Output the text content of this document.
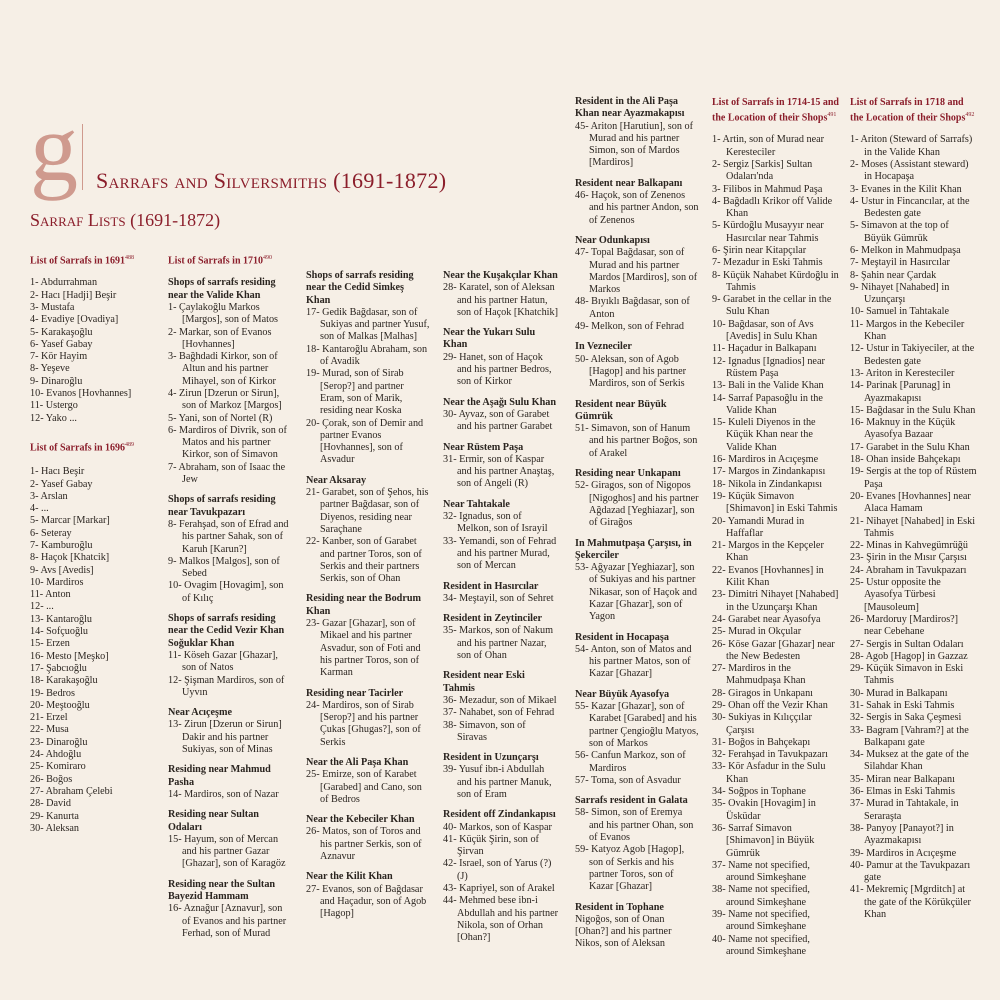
g Sarrafs and Silversmiths (1691-1872)
Sarraf Lists (1691-1872)
List of Sarrafs in 1691$^{488}$
1- Abdurrahman
2- Hacı [Hadji] Beşir
3- Mustafa
4- Evadiye [Ovadiya]
5- Karakaşoğlu
6- Yasef Gabay
7- Kör Hayim
8- Yeşeve
9- Dinaroğlu
10- Evanos [Hovhannes]
11- Ustergo
12- Yako ...
List of Sarrafs in 1696$^{489}$
1- Hacı Beşir
2- Yasef Gabay
3- Arslan
4- ...
5- Marcar [Markar]
6- Seteray
7- Kamburoğlu
8- Haçok [Khatcik]
9- Avs [Avedis]
10- Mardiros
11- Anton
12- ...
13- Kantaroğlu
14- Sofçuoğlu
15- Erzen
16- Mesto [Meşko]
17- Şabcıoğlu
18- Karakaşoğlu
19- Bedros
20- Meştooğlu
21- Erzel
22- Musa
23- Dinaroğlu
24- Ahdoğlu
25- Komiraro
26- Boğos
27- Abraham Çelebi
28- David
29- Kanurta
30- Aleksan
List of Sarrafs in 1710$^{490}$
Shops of sarrafs residing near the Valide Khan
1- Çayl‌akoğlu Markos [Margos], son of Matos
2- Markar, son of Evanos [Hovhannes]
3- Bağhdadi Kirkor, son of Altun and his partner Mihayel, son of Kirkor
4- Zirun [Dzerun or Sirun], son of Markoz [Margos]
5- Yani, son of Nortel (R)
6- Mardiros of Divrik, son of Matos and his partner Kirkor, son of Simavon
7- Abraham, son of Isaac the Jew
Shops of sarrafs residing near Tavukpazarı
8- Ferahşad, son of Efrad and his partner Sahak, son of Karuh [Karun?]
9- Malkos [Malgos], son of Sebed
10- Ovagim [Hovagim], son of Kılıç
Shops of sarrafs residing near the Cedid Vezir Khan Soğuklar Khan
11- Köseh Gazar [Ghazar], son of Natos
12- Şişman Mardiros, son of Uyvın
Near Acıçeşme
13- Zirun [Dzerun or Sirun] Dakir and his partner Sukiyas, son of Minas
Residing near Mahmud Pasha
14- Mardiros, son of Nazar
Residing near Sultan Odaları
15- Hayum, son of Mercan and his partner Gazar [Ghazar], son of Karagöz
Residing near the Sultan Bayezid Hammam
16- Aznağur [Aznavur], son of Evanos and his partner Ferhad, son of Murad
Shops of sarrafs residing near the Cedid Simkeş Khan
17- Gedik Bağdasar, son of Sukiyas and partner Yusuf, son of Malkas [Malhas]
18- Kantaroğlu Abraham, son of Avadik
19- Murad, son of Sirab [Serop?] and partner Eram, son of Marik, residing near Koska
20- Çorak, son of Demir and partner Evanos [Hovhannes], son of Asvadur
Near Aksaray
21- Garabet, son of Şehos, his partner Bağdasar, son of Diyenos, residing near Saraçhane
22- Kanber, son of Garabet and partner Toros, son of Serkis and their partners Serkis, son of Ohan
Residing near the Bodrum Khan
23- Gazar [Ghazar], son of Mikael and his partner Asvadur, son of Foti and his partner Toros, son of Karman
Residing near Tacirler
24- Mardiros, son of Sirab [Serop?] and his partner Çukas [Ghugas?], son of Serkis
Near the Ali Paşa Khan
25- Emirze, son of Karabet [Garabed] and Cano, son of Bedros
Near the Kebeciler Khan
26- Matos, son of Toros and his partner Serkis, son of Aznavur
Near the Kilit Khan
27- Evanos, son of Bağdasar and Haçadur, son of Agob [Hagop]
Near the Kuşakçılar Khan
28- Karatel, son of Aleksan and his partner Hatun, son of Haçok [Khatchik]
Near the Yukarı Sulu Khan
29- Hanet, son of Haçok and his partner Bedros, son of Kirkor
Near the Aşağı Sulu Khan
30- Ayvaz, son of Garabet and his partner Garabet
Near Rüstem Paşa
31- Ermir, son of Kaspar and his partner Anaştaş, son of Angeli (R)
Near Tahtakale
32- Ignadus, son of Melkon, son of Israyil
33- Yemandi, son of Fehrad and his partner Murad, son of Mercan
Resident in Hasırcılar
34- Meştayil, son of Sehret
Resident in Zeytinciler
35- Markos, son of Nakum and his partner Nazar, son of Ohan
Resident near Eski Tahmis
36- Mezadur, son of Mikael
37- Nahabet, son of Fehrad
38- Simavon, son of Siravas
Resident in Uzunçarşı
39- Yusuf ibn-i Abdullah and his partner Manuk, son of Eram
Resident off Zindankapısı
40- Markos, son of Kaspar
41- Küçük Şirin, son of Şirvan
42- Israel, son of Yarus (?) (J)
43- Kapriyel, son of Arakel
44- Mehmed bese ibn-i Abdullah and his partner Nikola, son of Orhan [Ohan?]
Resident in the Ali Paşa Khan near Ayazmakapısı
45- Ariton [Harutiun], son of Murad and his partner Simon, son of Mardos [Mardiros]
Resident near Balkapanı
46- Haçok, son of Zenenos and his partner Andon, son of Zenenos
Near Odunkapısı
47- Topal Bağdasar, son of Murad and his partner Mardos [Mardiros], son of Markos
48- Bıyıklı Bağdasar, son of Anton
49- Melkon, son of Fehrad
In Vezneciler
50- Aleksan, son of Agob [Hagop] and his partner Mardiros, son of Serkis
Resident near Büyük Gümrük
51- Simavon, son of Hanum and his partner Boğos, son of Arakel
Residing near Unkapanı
52- Giragos, son of Nigopos [Nigoghos] and his partner Ağdazad [Yeghiazar], son of Girağos
In Mahmutpaşa Çarşısı, in Şekerciler
53- Ağyazar [Yeghiazar], son of Sukiyas and his partner Nikasar, son of Haçok and Kazar [Ghazar], son of Yagon
Resident in Hocapaşa
54- Anton, son of Matos and his partner Matos, son of Kazar [Ghazar]
Near Büyük Ayasofya
55- Kazar [Ghazar], son of Karabet [Garabed] and his partner Çengioğlu Matyos, son of Markos
56- Canfun Markoz, son of Mardiros
57- Toma, son of Asvadur
Sarrafs resident in Galata
58- Simon, son of Eremya and his partner Ohan, son of Evanos
59- Katyoz Agob [Hagop], son of Serkis and his partner Toros, son of Kazar [Ghazar]
Resident in Tophane
Nigoğos, son of Onan [Ohan?] and his partner Nikos, son of Aleksan
List of Sarrafs in 1714-15 and the Location of their Shops$^{491}$
1- Artin, son of Murad near Keresteciler
2- Sergiz [Sarkis] Sultan Odaları'nda
3- Filibos in Mahmud Paşa
4- Bağdadlı Krikor off Valide Khan
5- Kürdoğlu Musayyır near Hasırcılar near Tahmis
6- Şirin near Kitapçılar
7- Mezadur in Eski Tahmis
8- Küçük Nahabet Kürdoğlu in Tahmis
9- Garabet in the cellar in the Sulu Khan
10- Bağdasar, son of Avs [Avedis] in Sulu Khan
11- Haçadur in Balkapanı
12- Ignadus [Ignadios] near Rüstem Paşa
13- Bali in the Valide Khan
14- Sarraf Papasoğlu in the Valide Khan
15- Kuleli Diyenos in the Küçük Khan near the Valide Khan
16- Mardiros in Acıçeşme
17- Margos in Zindankapısı
18- Nikola in Zindankapısı
19- Küçük Simavon [Shimavon] in Eski Tahmis
20- Yamandi Murad in Haffaflar
21- Margos in the Kepçeler Khan
22- Evanos [Hovhannes] in Kilit Khan
23- Dimitri Nihayet [Nahabed] in the Uzunçarşı Khan
24- Garabet near Ayasofya
25- Murad in Okçular
26- Köse Gazar [Ghazar] near the New Bedesten
27- Mardiros in the Mahmudpaşa Khan
28- Giragos in Unkapanı
29- Ohan off the Vezir Khan
30- Sukiyas in Kılıççılar Çarşısı
31- Boğos in Bahçekapı
32- Ferahşad in Tavukpazarı
33- Kör Asfadur in the Sulu Khan
34- Soğpos in Tophane
35- Ovakin [Hovagim] in Üsküdar
36- Sarraf Simavon [Shimavon] in Büyük Gümrük
37- Name not specified, around Simkeşhane
38- Name not specified, around Simkeşhane
39- Name not specified, around Simkeşhane
40- Name not specified, around Simkeşhane
List of Sarrafs in 1718 and the Location of their Shops$^{492}$
1- Ariton (Steward of Sarrafs) in the Valide Khan
2- Moses (Assistant steward) in Hocapaşa
3- Evanes in the Kilit Khan
4- Ustur in Fincancılar, at the Bedesten gate
5- Simavon at the top of Büyük Gümrük
6- Melkon in Mahmudpaşa
7- Meştayil in Hasırcılar
8- Şahin near Çardak
9- Nihayet [Nahabed] in Uzunçarşı
10- Samuel in Tahtakale
11- Margos in the Kebeciler Khan
12- Ustur in Takiyeciler, at the Bedesten gate
13- Ariton in Keresteciler
14- Parinak [Parunag] in Ayazmakapısı
15- Bağdasar in the Sulu Khan
16- Maknuy in the Küçük Ayasofya Bazaar
17- Garabet in the Sulu Khan
18- Ohan inside Bahçekapı
19- Sergis at the top of Rüstem Paşa
20- Evanes [Hovhannes] near Alaca Hamam
21- Nihayet [Nahabed] in Eski Tahmis
22- Minas in Kahvegümrüğü
23- Şirin in the Mısır Çarşısı
24- Abraham in Tavukpazarı
25- Ustur opposite the Ayasofya Türbesi [Mausoleum]
26- Mardoruy [Mardiros?] near Cebehane
27- Sergis in Sultan Odaları
28- Agob [Hagop] in Gazzaz
29- Küçük Simavon in Eski Tahmis
30- Murad in Balkapanı
31- Sahak in Eski Tahmis
32- Sergis in Saka Çeşmesi
33- Bagram [Vahram?] at the Balkapanı gate
34- Muksez at the gate of the Silahdar Khan
35- Miran near Balkapanı
36- Elmas in Eski Tahmis
37- Murad in Tahtakale, in Seraraşta
38- Panyoy [Panayot?] in Ayazmakapısı
39- Mardiros in Acıçeşme
40- Pamur at the Tavukpazarı gate
41- Mekremiç [Mgrditch] at the gate of the Körükçüler Khan
